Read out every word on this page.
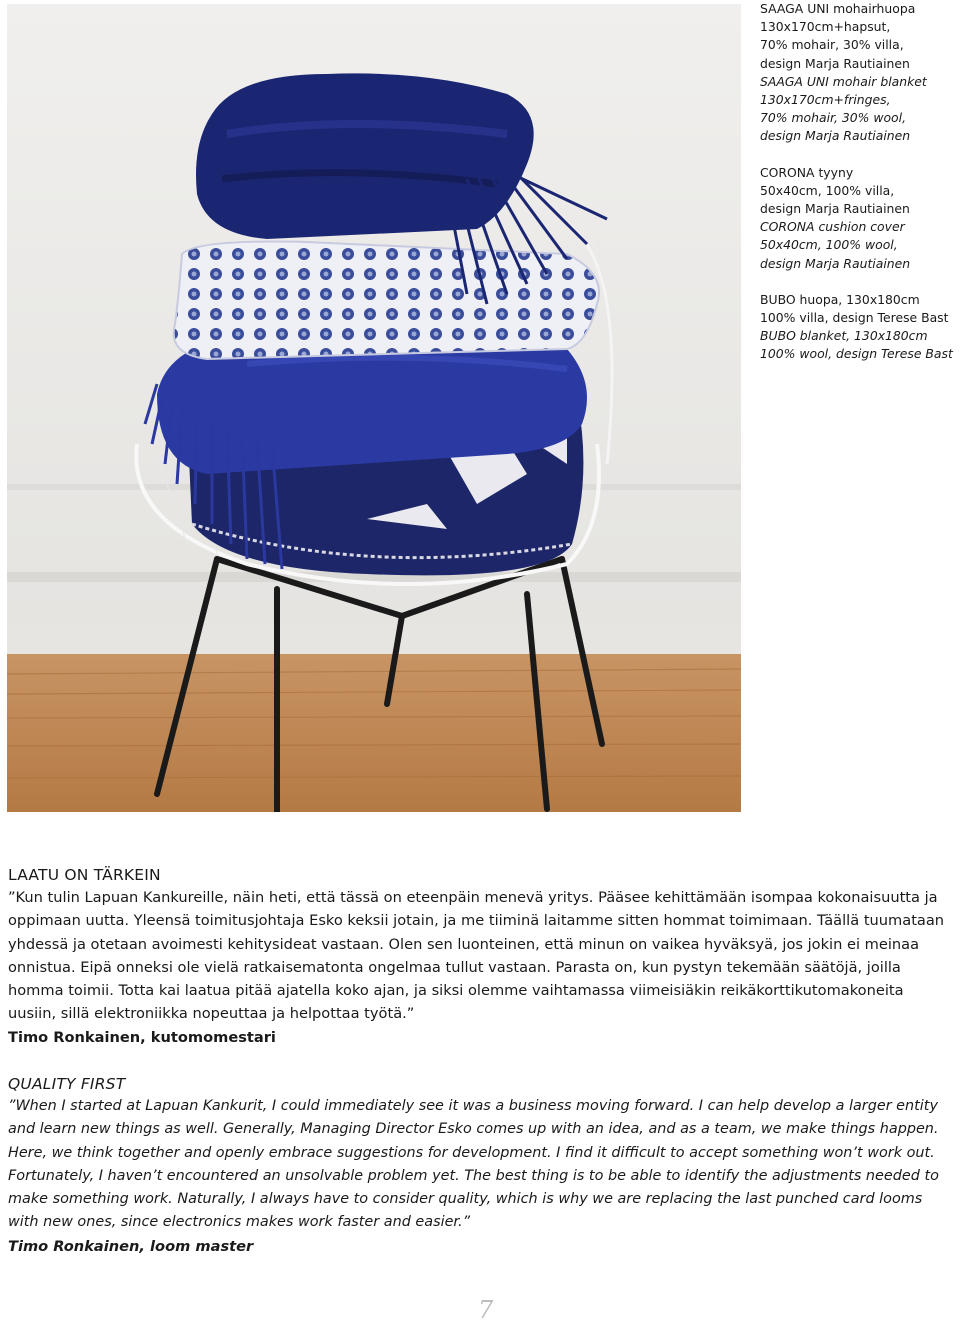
SAAGA UNI mohairhuopa
130x170cm+hapsut,
70% mohair, 30% villa,
design Marja Rautiainen
SAAGA UNI mohair blanket
130x170cm+fringes,
70% mohair, 30% wool,
design Marja Rautiainen
CORONA tyyny
50x40cm, 100% villa,
design Marja Rautiainen
CORONA cushion cover
50x40cm, 100% wool,
design Marja Rautiainen
BUBO huopa, 130x180cm
100% villa, design Terese Bast
BUBO blanket, 130x180cm
100% wool, design Terese Bast
LAATU ON TÄRKEIN

”Kun tulin Lapuan Kankureille, näin heti, että tässä on eteenpäin menevä yritys. Pääsee kehittämään isompaa kokonaisuutta ja oppimaan uutta. Yleensä toimitusjohtaja Esko keksii jotain, ja me tiiminä laitamme sitten hommat toimimaan. Täällä tuumataan yhdessä ja otetaan avoimesti kehitysideat vastaan. Olen sen luonteinen, että minun on vaikea hyväksyä, jos jokin ei meinaa onnistua. Eipä onneksi ole vielä ratkaisematonta ongelmaa tullut vastaan. Parasta on, kun pystyn tekemään säätöjä, joilla homma toimii. Totta kai laatua pitää ajatella koko ajan, ja siksi olemme vaihtamassa viimeisiäkin reikäkorttikutomakoneita uusiin, sillä elektroniikka nopeuttaa ja helpottaa työtä.”

Timo Ronkainen, kutomomestari
QUALITY FIRST

”When I started at Lapuan Kankurit, I could immediately see it was a business moving forward. I can help develop a larger entity and learn new things as well. Generally, Managing Director Esko comes up with an idea, and as a team, we make things happen. Here, we think together and openly embrace suggestions for development. I find it difficult to accept something won’t work out. Fortunately, I haven’t encountered an unsolvable problem yet. The best thing is to be able to identify the adjustments needed to make something work. Naturally, I always have to consider quality, which is why we are replacing the last punched card looms with new ones, since electronics makes work faster and easier.”

Timo Ronkainen, loom master
7
